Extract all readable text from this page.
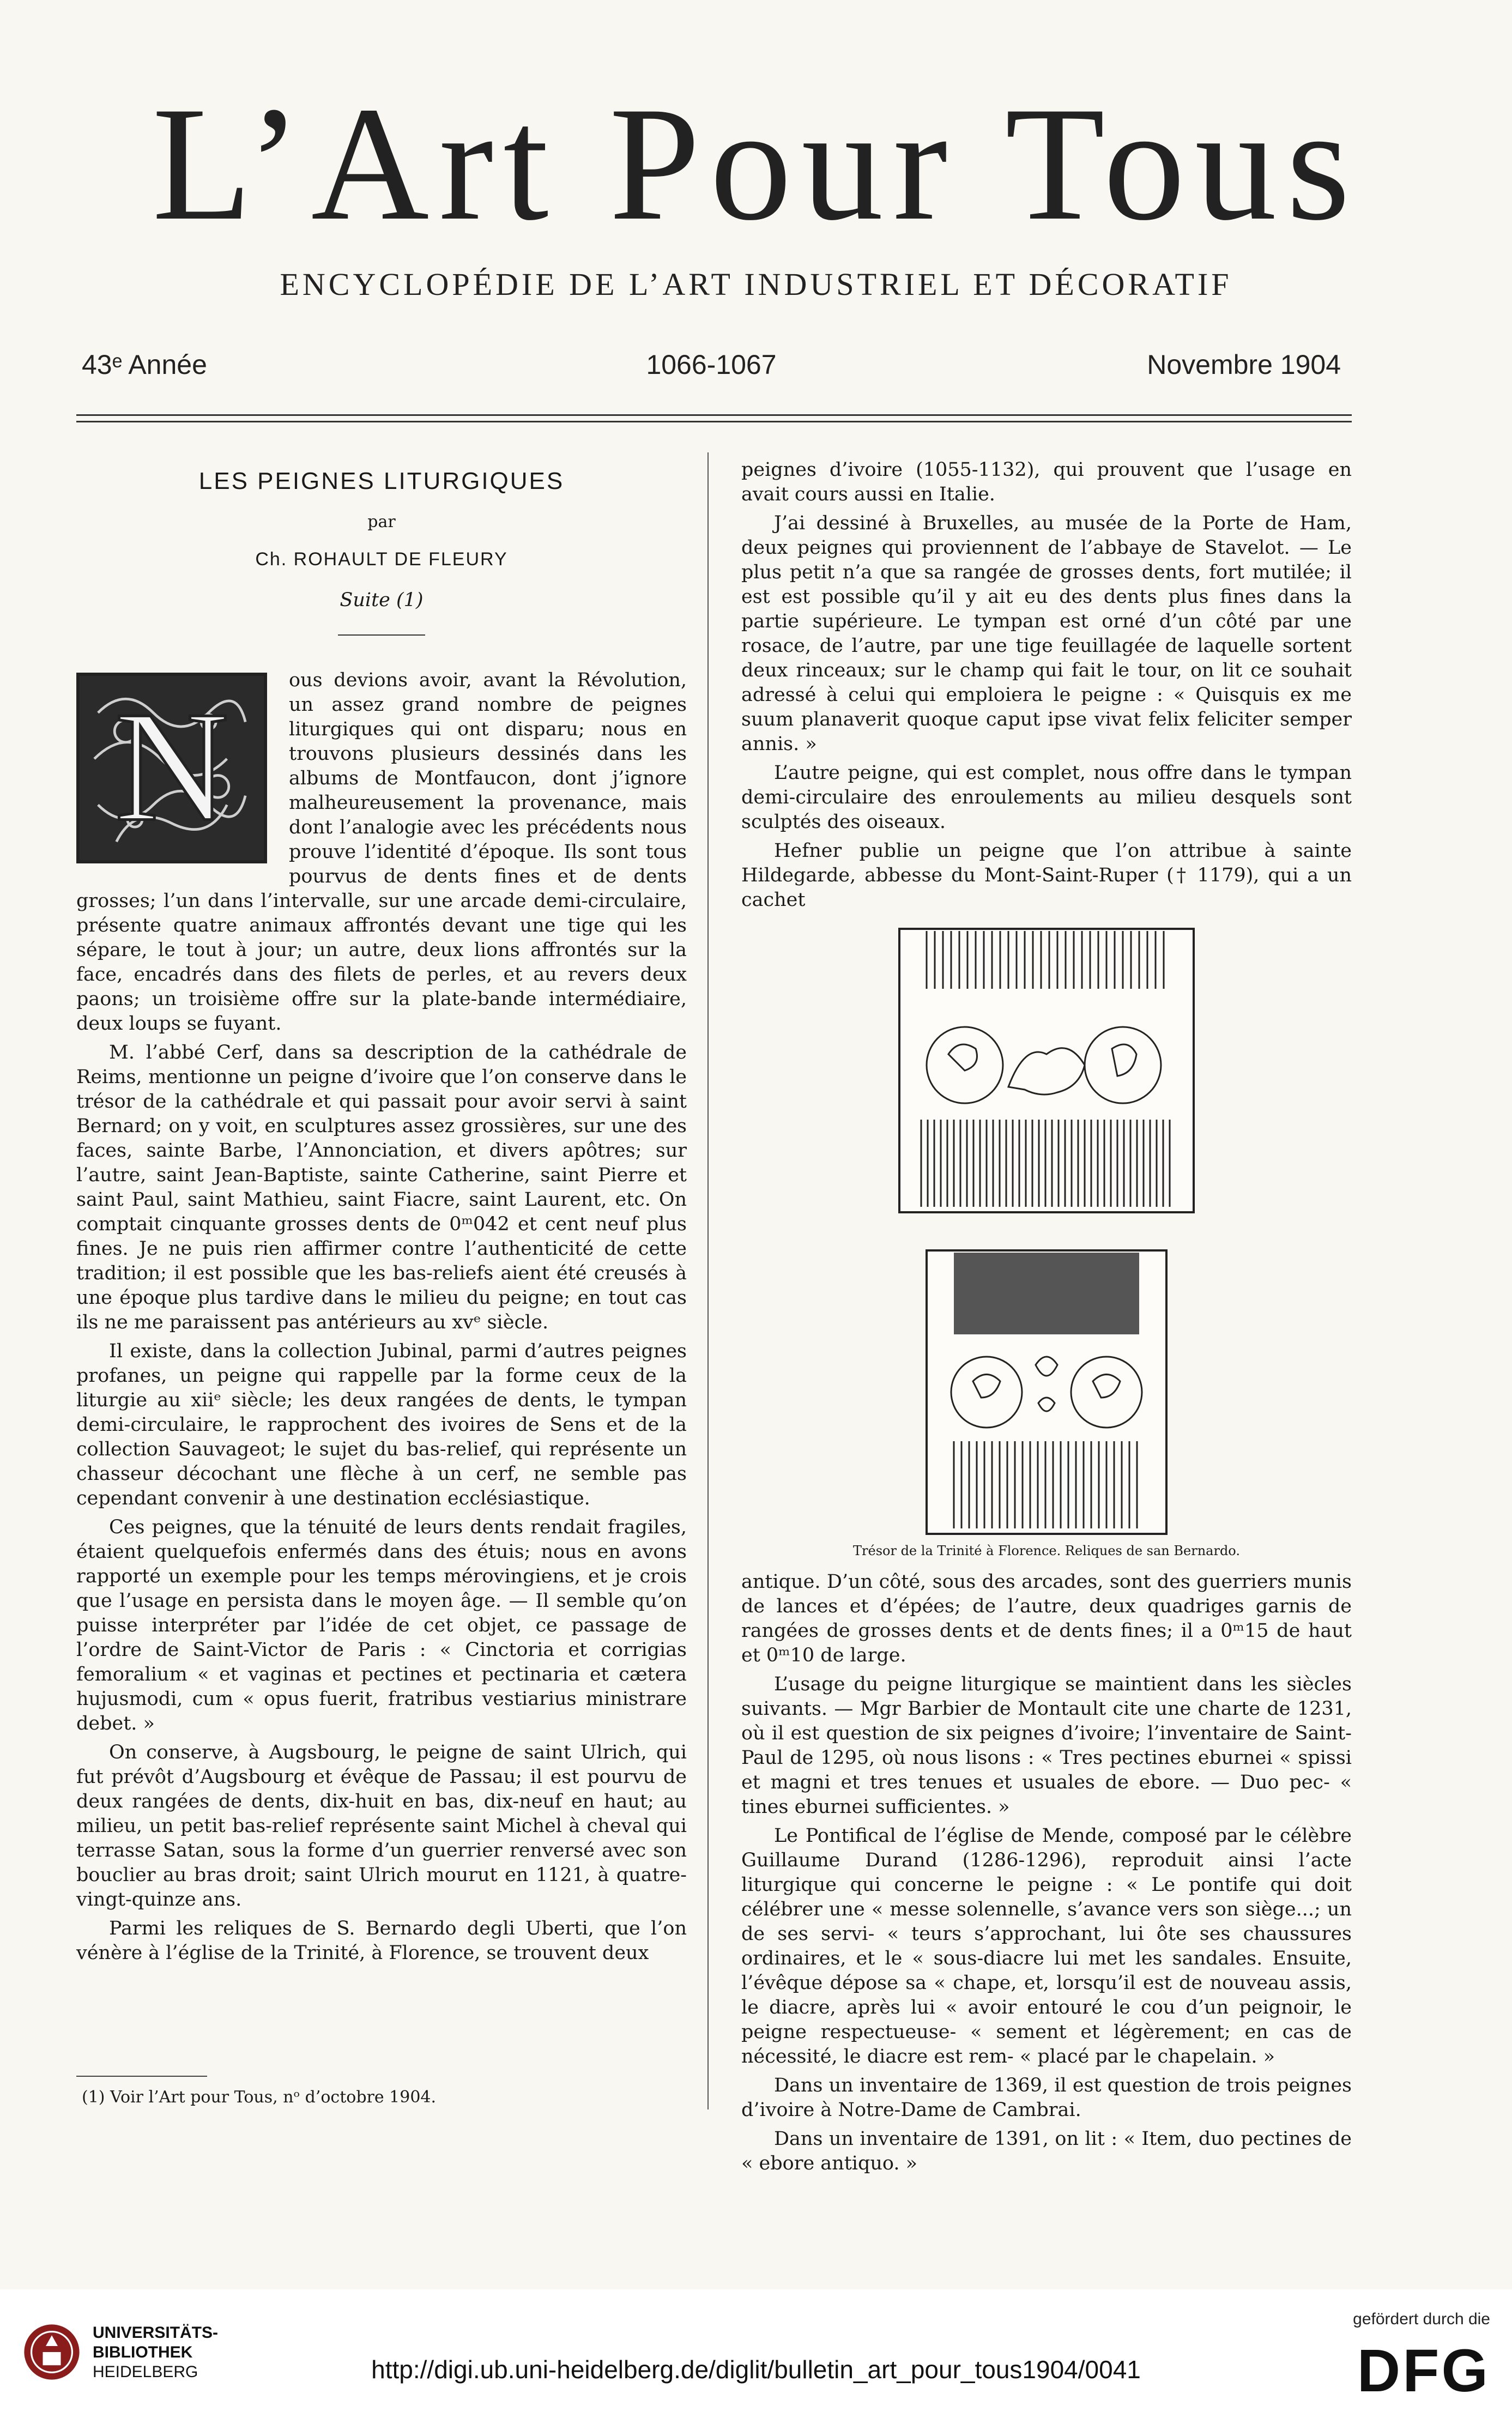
L’Art Pour Tous
ENCYCLOPÉDIE DE L’ART INDUSTRIEL ET DÉCORATIF
43ᵉ Année	1066-1067	Novembre 1904
LES PEIGNES LITURGIQUES
par
Ch. ROHAULT DE FLEURY
Suite (1)
N	ous devions avoir, avant la Révolution, un assez grand nombre de peignes liturgiques qui ont disparu; nous en trouvons plusieurs dessinés dans les albums de Montfaucon, dont j’ignore malheureusement la provenance, mais dont l’analogie avec les précédents nous prouve l’identité d’époque. Ils sont tous pourvus de dents fines et de dents grosses; l’un dans l’intervalle, sur une arcade demi-circulaire, présente quatre animaux affrontés devant une tige qui les sépare, le tout à jour; un autre, deux lions affrontés sur la face, encadrés dans des filets de perles, et au revers deux paons; un troisième offre sur la plate-bande intermédiaire, deux loups se fuyant.

M. l’abbé Cerf, dans sa description de la cathédrale de Reims, mentionne un peigne d’ivoire que l’on conserve dans le trésor de la cathédrale et qui passait pour avoir servi à saint Bernard; on y voit, en sculptures assez grossières, sur une des faces, sainte Barbe, l’Annonciation, et divers apôtres; sur l’autre, saint Jean-Baptiste, sainte Catherine, saint Pierre et saint Paul, saint Mathieu, saint Fiacre, saint Laurent, etc. On comptait cinquante grosses dents de 0ᵐ042 et cent neuf plus fines. Je ne puis rien affirmer contre l’authenticité de cette tradition; il est possible que les bas-reliefs aient été creusés à une époque plus tardive dans le milieu du peigne; en tout cas ils ne me paraissent pas antérieurs au xvᵉ siècle.

Il existe, dans la collection Jubinal, parmi d’autres peignes profanes, un peigne qui rappelle par la forme ceux de la liturgie au xiiᵉ siècle; les deux rangées de dents, le tympan demi-circulaire, le rapprochent des ivoires de Sens et de la collection Sauvageot; le sujet du bas-relief, qui représente un chasseur décochant une flèche à un cerf, ne semble pas cependant convenir à une destination ecclésiastique.

Ces peignes, que la ténuité de leurs dents rendait fragiles, étaient quelquefois enfermés dans des étuis; nous en avons rapporté un exemple pour les temps mérovingiens, et je crois que l’usage en persista dans le moyen âge. — Il semble qu’on puisse interpréter par l’idée de cet objet, ce passage de l’ordre de Saint-Victor de Paris : « Cinctoria et corrigias femoralium « et vaginas et pectines et pectinaria et cætera hujusmodi, cum « opus fuerit, fratribus vestiarius ministrare debet. »

On conserve, à Augsbourg, le peigne de saint Ulrich, qui fut prévôt d’Augsbourg et évêque de Passau; il est pourvu de deux rangées de dents, dix-huit en bas, dix-neuf en haut; au milieu, un petit bas-relief représente saint Michel à cheval qui terrasse Satan, sous la forme d’un guerrier renversé avec son bouclier au bras droit; saint Ulrich mourut en 1121, à quatre-vingt-quinze ans.

Parmi les reliques de S. Bernardo degli Uberti, que l’on vénère à l’église de la Trinité, à Florence, se trouvent deux

peignes d’ivoire (1055-1132), qui prouvent que l’usage en avait cours aussi en Italie.

J’ai dessiné à Bruxelles, au musée de la Porte de Ham, deux peignes qui proviennent de l’abbaye de Stavelot. — Le plus petit n’a que sa rangée de grosses dents, fort mutilée; il est est possible qu’il y ait eu des dents plus fines dans la partie supérieure. Le tympan est orné d’un côté par une rosace, de l’autre, par une tige feuillagée de laquelle sortent deux rinceaux; sur le champ qui fait le tour, on lit ce souhait adressé à celui qui emploiera le peigne : « Quisquis ex me suum planaverit quoque caput ipse vivat felix feliciter semper annis. »

L’autre peigne, qui est complet, nous offre dans le tympan demi-circulaire des enroulements au milieu desquels sont sculptés des oiseaux.

Hefner publie un peigne que l’on attribue à sainte Hildegarde, abbesse du Mont-Saint-Ruper († 1179), qui a un cachet

Trésor de la Trinité à Florence. Reliques de san Bernardo.

antique. D’un côté, sous des arcades, sont des guerriers munis de lances et d’épées; de l’autre, deux quadriges garnis de rangées de grosses dents et de dents fines; il a 0ᵐ15 de haut et 0ᵐ10 de large.

L’usage du peigne liturgique se maintient dans les siècles suivants. — Mgr Barbier de Montault cite une charte de 1231, où il est question de six peignes d’ivoire; l’inventaire de Saint-Paul de 1295, où nous lisons : « Tres pectines eburnei « spissi et magni et tres tenues et usuales de ebore. — Duo pec- « tines eburnei sufficientes. »

Le Pontifical de l’église de Mende, composé par le célèbre Guillaume Durand (1286-1296), reproduit ainsi l’acte liturgique qui concerne le peigne : « Le pontife qui doit célébrer une « messe solennelle, s’avance vers son siège...; un de ses servi- « teurs s’approchant, lui ôte ses chaussures ordinaires, et le « sous-diacre lui met les sandales. Ensuite, l’évêque dépose sa « chape, et, lorsqu’il est de nouveau assis, le diacre, après lui « avoir entouré le cou d’un peignoir, le peigne respectueuse- « sement et légèrement; en cas de nécessité, le diacre est rem- « placé par le chapelain. »

Dans un inventaire de 1369, il est question de trois peignes d’ivoire à Notre-Dame de Cambrai.

Dans un inventaire de 1391, on lit : « Item, duo pectines de « ebore antiquo. »

(1) Voir l’Art pour Tous, nᵒ d’octobre 1904.
UNIVERSITÄTS-
BIBLIOTHEK
HEIDELBERG	http://digi.ub.uni-heidelberg.de/diglit/bulletin_art_pour_tous1904/0041
gefördert durch die
DFG
